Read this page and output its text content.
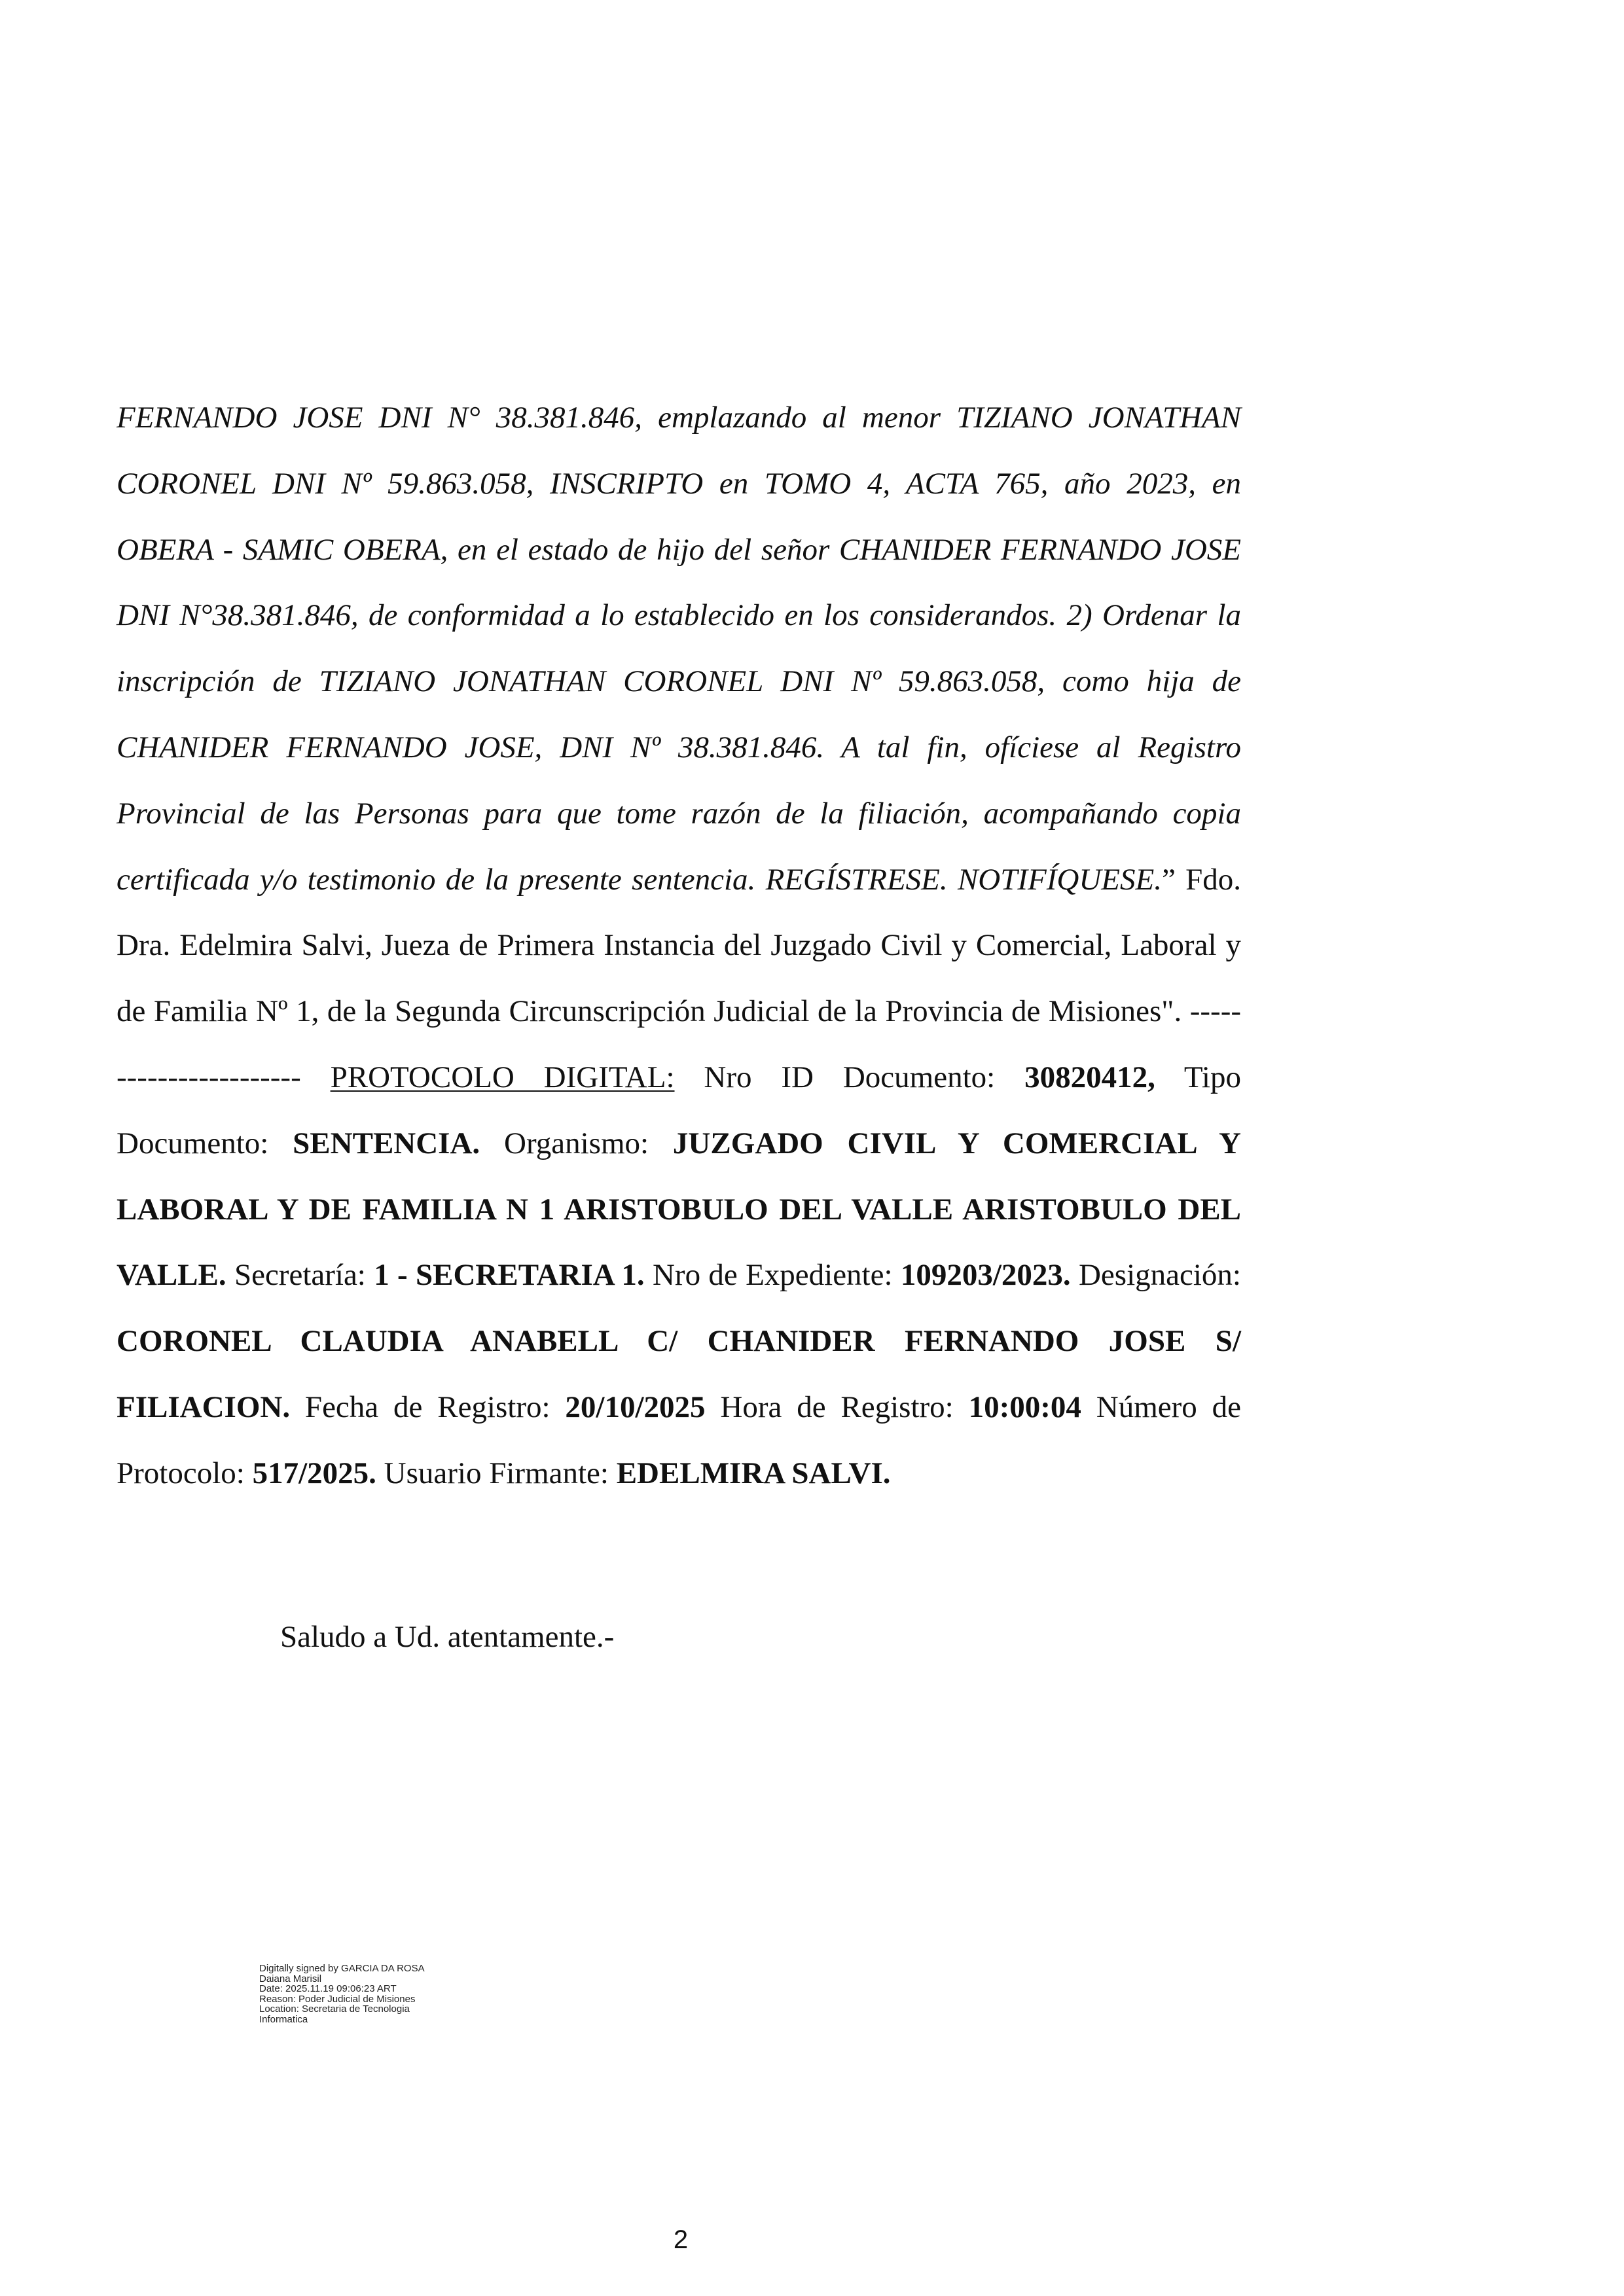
FERNANDO JOSE DNI N° 38.381.846, emplazando al menor TIZIANO JONATHAN CORONEL DNI Nº 59.863.058, INSCRIPTO en TOMO 4, ACTA 765, año 2023, en OBERA - SAMIC OBERA, en el estado de hijo del señor CHANIDER FERNANDO JOSE DNI N°38.381.846, de conformidad a lo establecido en los considerandos. 2) Ordenar la inscripción de TIZIANO JONATHAN CORONEL DNI Nº 59.863.058, como hija de CHANIDER FERNANDO JOSE, DNI Nº 38.381.846. A tal fin, ofíciese al Registro Provincial de las Personas para que tome razón de la filiación, acompañando copia certificada y/o testimonio de la presente sentencia. REGÍSTRESE. NOTIFÍQUESE.” Fdo. Dra. Edelmira Salvi, Jueza de Primera Instancia del Juzgado Civil y Comercial, Laboral y de Familia Nº 1, de la Segunda Circunscripción Judicial de la Provincia de Misiones". ----------------------- PROTOCOLO DIGITAL: Nro ID Documento: 30820412, Tipo Documento: SENTENCIA. Organismo: JUZGADO CIVIL Y COMERCIAL Y LABORAL Y DE FAMILIA N 1 ARISTOBULO DEL VALLE ARISTOBULO DEL VALLE. Secretaría: 1 - SECRETARIA 1. Nro de Expediente: 109203/2023. Designación: CORONEL CLAUDIA ANABELL C/ CHANIDER FERNANDO JOSE S/ FILIACION. Fecha de Registro: 20/10/2025 Hora de Registro: 10:00:04 Número de Protocolo: 517/2025. Usuario Firmante: EDELMIRA SALVI.

Saludo a Ud. atentamente.-

Digitally signed by GARCIA DA ROSA
Daiana Marisil
Date: 2025.11.19 09:06:23 ART
Reason: Poder Judicial de Misiones
Location: Secretaria de Tecnologia
Informatica
2
